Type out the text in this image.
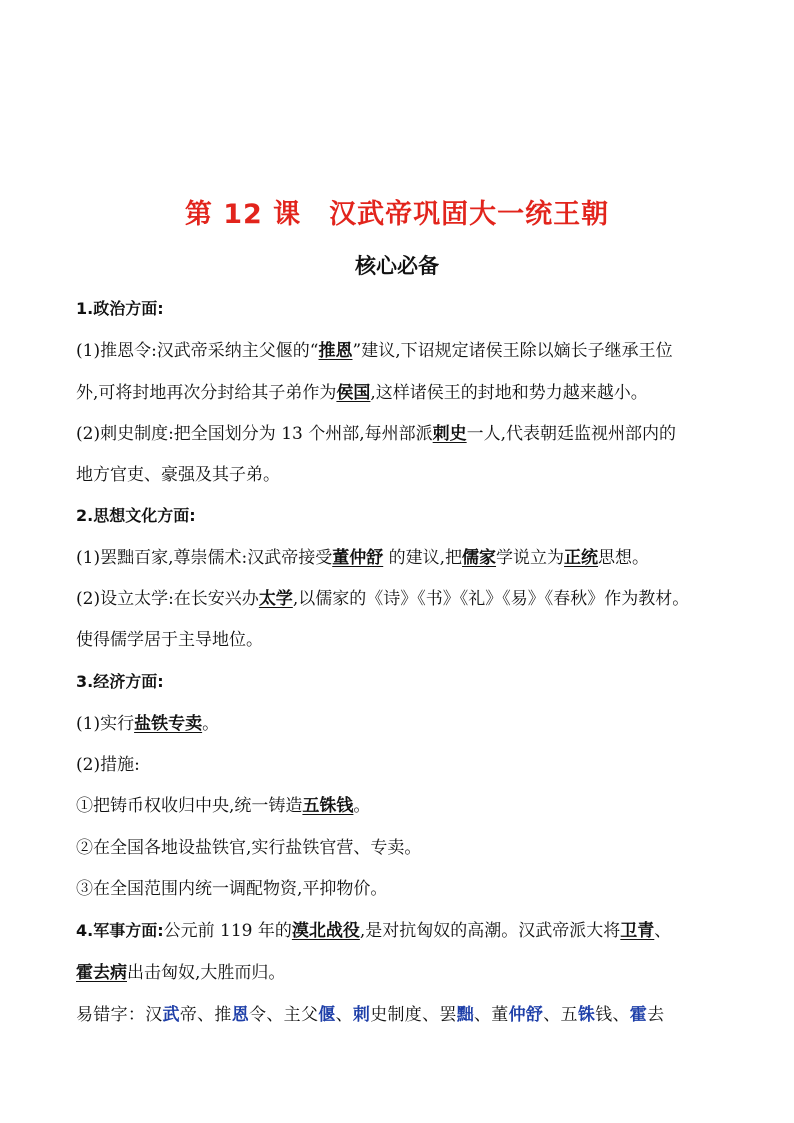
第 12 课　汉武帝巩固大一统王朝
核心必备
1.政治方面:
(1)推恩令:汉武帝采纳主父偃的“推恩”建议,下诏规定诸侯王除以嫡长子继承王位
外,可将封地再次分封给其子弟作为侯国,这样诸侯王的封地和势力越来越小。
(2)刺史制度:把全国划分为 13 个州部,每州部派刺史一人,代表朝廷监视州部内的
地方官吏、豪强及其子弟。
2.思想文化方面:
(1)罢黜百家,尊崇儒术:汉武帝接受董仲舒 的建议,把儒家学说立为正统思想。
(2)设立太学:在长安兴办太学,以儒家的《诗》《书》《礼》《易》《春秋》作为教材。
使得儒学居于主导地位。
3.经济方面:
(1)实行盐铁专卖。
(2)措施:
①把铸币权收归中央,统一铸造五铢钱。
②在全国各地设盐铁官,实行盐铁官营、专卖。
③在全国范围内统一调配物资,平抑物价。
4.军事方面:公元前 119 年的漠北战役,是对抗匈奴的高潮。汉武帝派大将卫青、
霍去病出击匈奴,大胜而归。
易错字：汉武帝、推恩令、主父偃、刺史制度、罢黜、董仲舒、五铢钱、霍去
